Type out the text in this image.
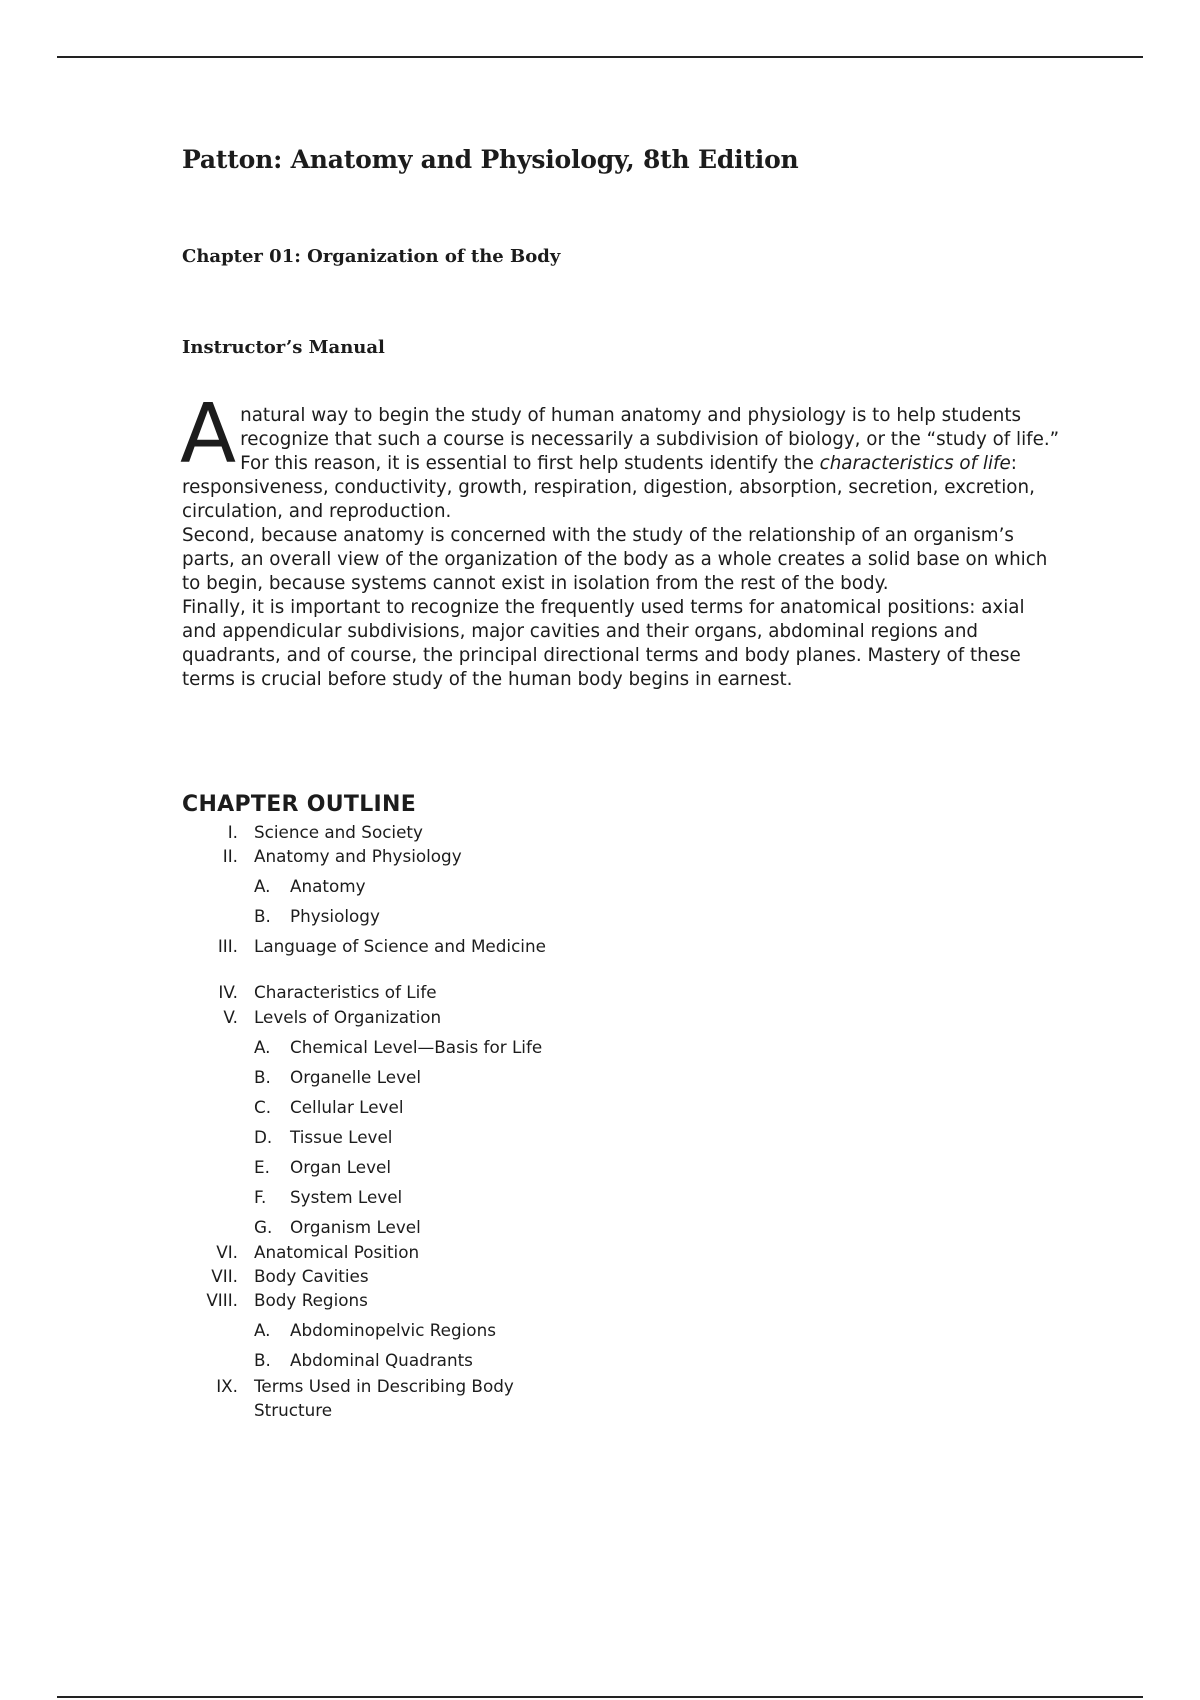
Patton: Anatomy and Physiology, 8th Edition
Chapter 01: Organization of the Body
Instructor’s Manual

A natural way to begin the study of human anatomy and physiology is to help students recognize that such a course is necessarily a subdivision of biology, or the “study of life.” For this reason, it is essential to first help students identify the characteristics of life: responsiveness, conductivity, growth, respiration, digestion, absorption, secretion, excretion, circulation, and reproduction.

Second, because anatomy is concerned with the study of the relationship of an organism’s parts, an overall view of the organization of the body as a whole creates a solid base on which to begin, because systems cannot exist in isolation from the rest of the body.

Finally, it is important to recognize the frequently used terms for anatomical positions: axial and appendicular subdivisions, major cavities and their organs, abdominal regions and quadrants, and of course, the principal directional terms and body planes. Mastery of these terms is crucial before study of the human body begins in earnest.

CHAPTER OUTLINE
I. Science and Society
II. Anatomy and Physiology
A.	Anatomy
B.	Physiology
III. Language of Science and Medicine
IV. Characteristics of Life
V. Levels of Organization
A.	Chemical Level—Basis for Life
B.	Organelle Level
C.	Cellular Level
D.	Tissue Level
E.	Organ Level
F.	System Level
G.	Organism Level
VI. Anatomical Position
VII. Body Cavities
VIII. Body Regions
A.	Abdominopelvic Regions
B.	Abdominal Quadrants
IX. Terms Used in Describing Body
Structure
